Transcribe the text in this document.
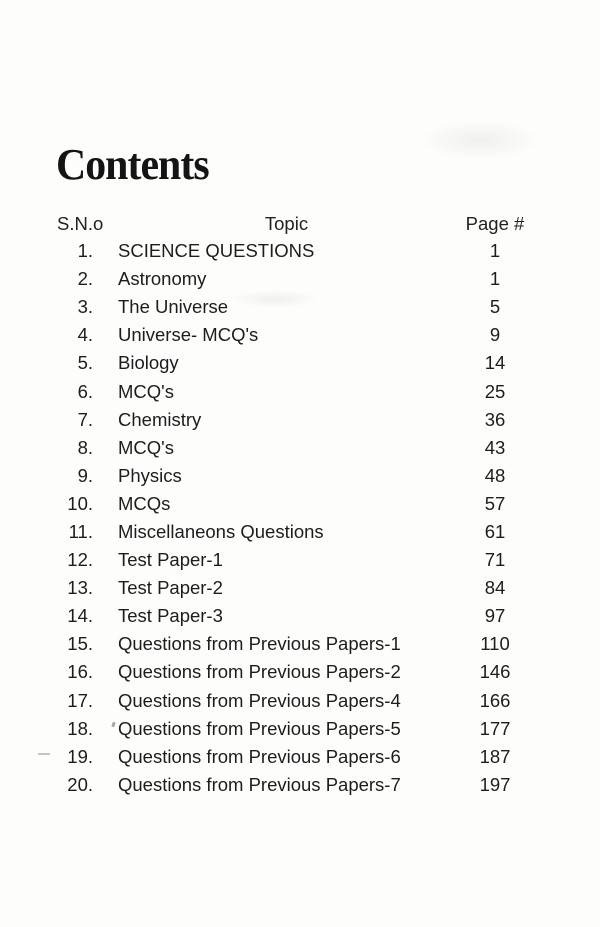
Contents
S.N.o	Topic	Page #
1. SCIENCE QUESTIONS	1
2. Astronomy	1
3. The Universe	5
4. Universe- MCQ's	9
5. Biology	14
6. MCQ's	25
7. Chemistry	36
8. MCQ's	43
9. Physics	48
10. MCQs	57
11. Miscellaneons Questions	61
12. Test Paper-1	71
13. Test Paper-2	84
14. Test Paper-3	97
15. Questions from Previous Papers-1	110
16. Questions from Previous Papers-2	146
17. Questions from Previous Papers-4	166
18. Questions from Previous Papers-5	177
19. Questions from Previous Papers-6	187
20. Questions from Previous Papers-7	197
